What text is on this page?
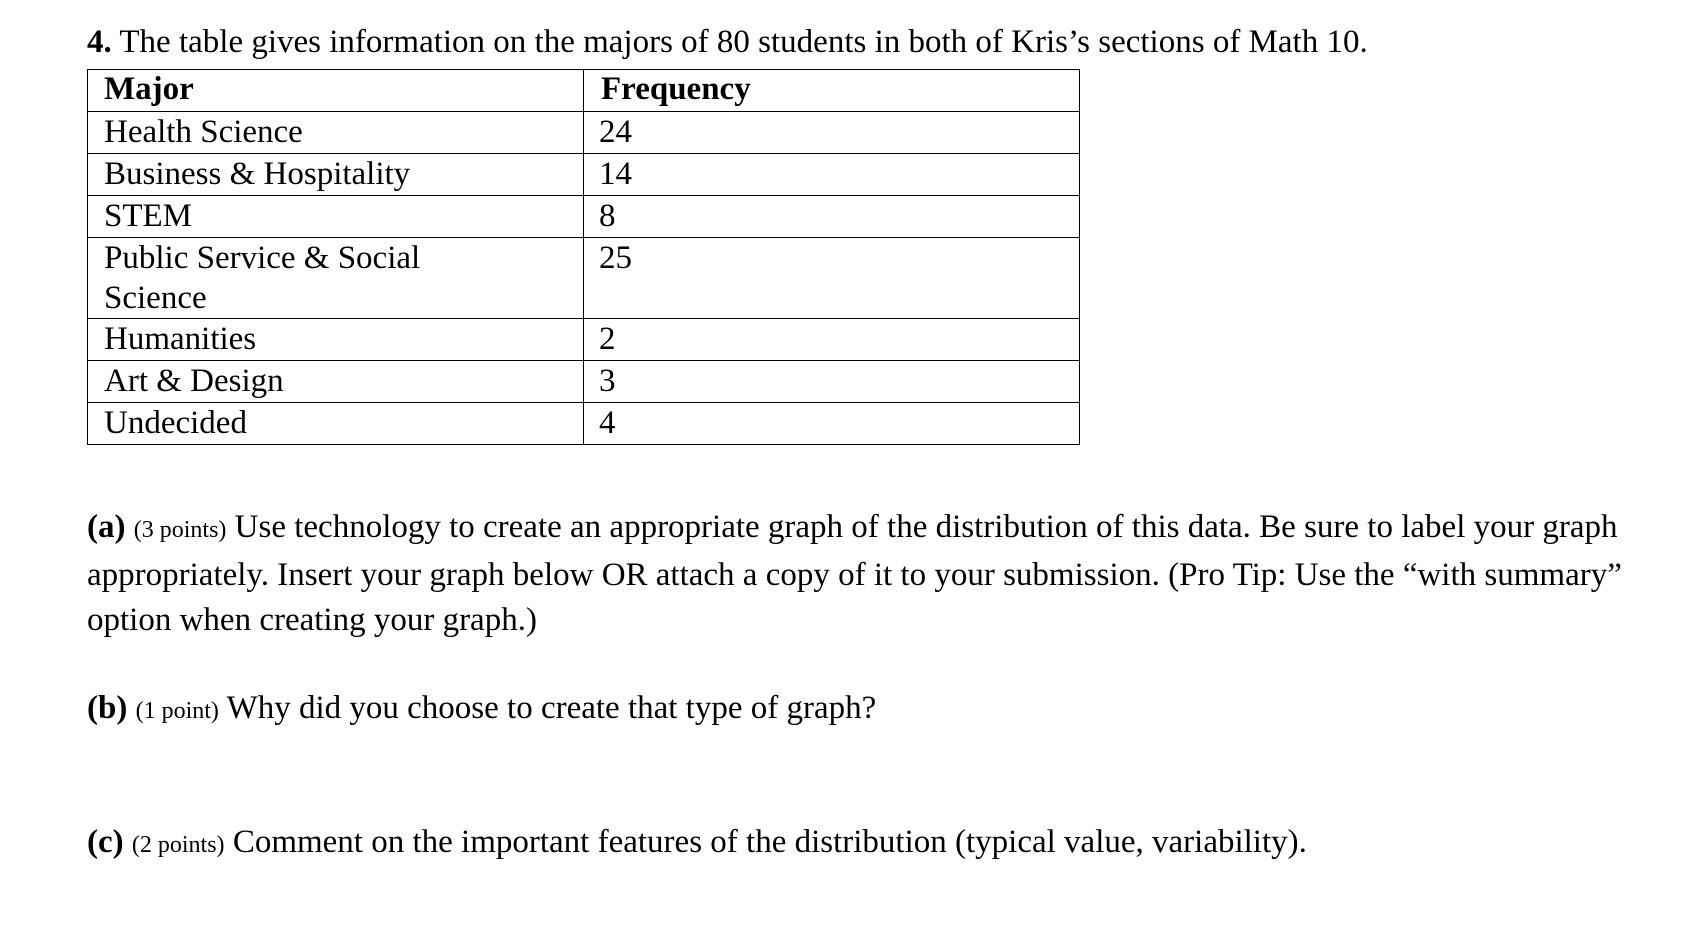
4. The table gives information on the majors of 80 students in both of Kris’s sections of Math 10.
Major	Frequency
Health Science	24
Business & Hospitality	14
STEM	8
Public Service & Social Science	25
Humanities	2
Art & Design	3
Undecided	4
(a) (3 points) Use technology to create an appropriate graph of the distribution of this data. Be sure to label your graph appropriately. Insert your graph below OR attach a copy of it to your submission. (Pro Tip: Use the “with summary” option when creating your graph.)
(b) (1 point) Why did you choose to create that type of graph?
(c) (2 points) Comment on the important features of the distribution (typical value, variability).
